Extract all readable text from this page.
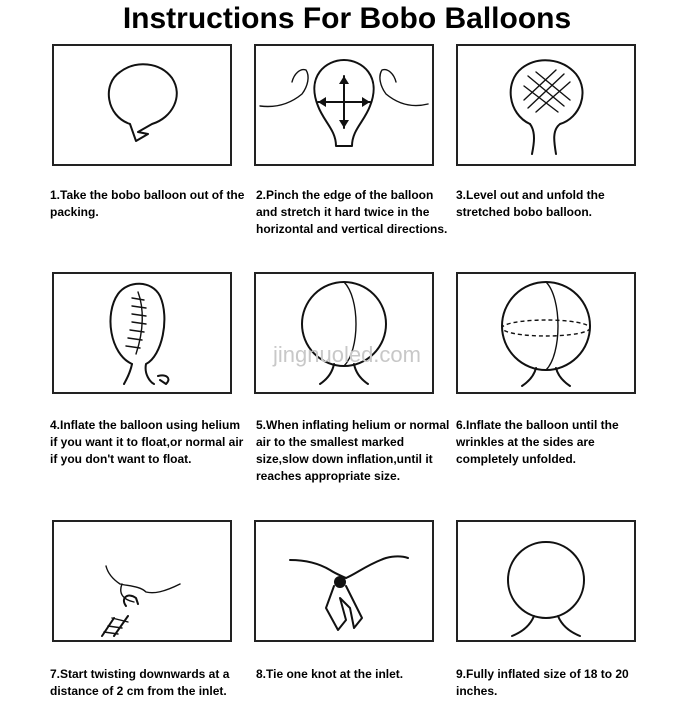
Instructions For Bobo Balloons
1.Take the bobo balloon out of the packing.
2.Pinch the edge of the balloon and stretch it hard twice in the horizontal and vertical directions.
3.Level out and unfold the stretched bobo balloon.
jingnuoled.com
4.Inflate the balloon using helium if you want it to float,or normal air if you don't want to float.
5.When inflating helium or normal air to the smallest marked size,slow down inflation,until it reaches appropriate size.
6.Inflate the balloon until the wrinkles at the sides are completely unfolded.
7.Start twisting downwards at a distance of 2 cm from the inlet.
8.Tie one knot at the inlet.	9.Fully inflated size of 18 to 20 inches.
